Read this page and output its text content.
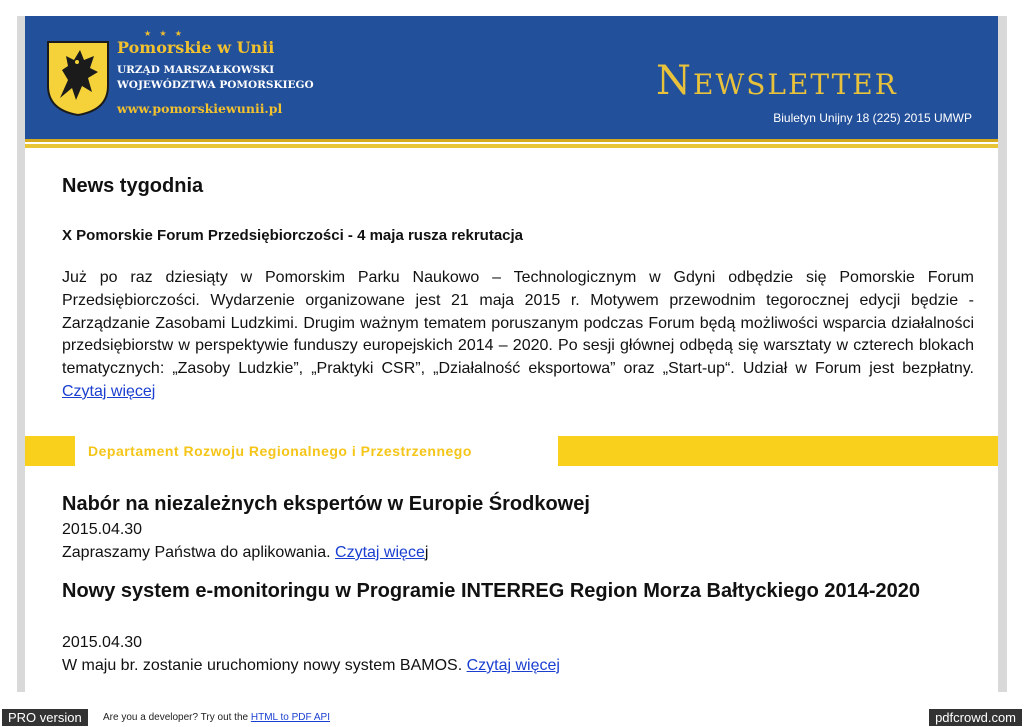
★ ★ ★
Pomorskie w Unii
URZĄD MARSZAŁKOWSKI
WOJEWÓDZTWA POMORSKIEGO
www.pomorskiewunii.pl
Newsletter
Biuletyn Unijny 18 (225) 2015 UMWP
News tygodnia
X Pomorskie Forum Przedsiębiorczości - 4 maja rusza rekrutacja

Już po raz dziesiąty w Pomorskim Parku Naukowo – Technologicznym w Gdyni odbędzie się Pomorskie Forum Przedsiębiorczości. Wydarzenie organizowane jest 21 maja 2015 r. Motywem przewodnim tegorocznej edycji będzie - Zarządzanie Zasobami Ludzkimi. Drugim ważnym tematem poruszanym podczas Forum będą możliwości wsparcia działalności przedsiębiorstw w perspektywie funduszy europejskich 2014 – 2020. Po sesji głównej odbędą się warsztaty w czterech blokach tematycznych: „Zasoby Ludzkie”, „Praktyki CSR”, „Działalność eksportowa” oraz „Start-up“. Udział w Forum jest bezpłatny. Czytaj więcej

Departament Rozwoju Regionalnego i Przestrzennego
Nabór na niezależnych ekspertów w Europie Środkowej
2015.04.30
Zapraszamy Państwa do aplikowania. Czytaj więcej
Nowy system e-monitoringu w Programie INTERREG Region Morza Bałtyckiego 2014-2020
2015.04.30
W maju br. zostanie uruchomiony nowy system BAMOS. Czytaj więcej
PRO version	Are you a developer? Try out the HTML to PDF API	pdfcrowd.com
